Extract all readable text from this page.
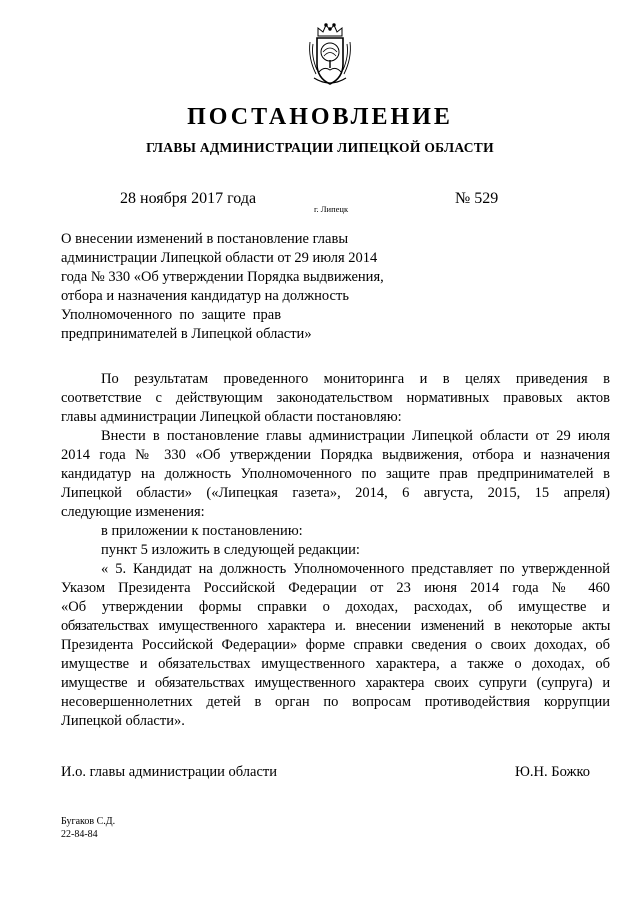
ПОСТАНОВЛЕНИЕ
ГЛАВЫ АДМИНИСТРАЦИИ ЛИПЕЦКОЙ ОБЛАСТИ
28 ноября 2017 года
г. Липецк
№ 529
О внесении изменений в постановление главы
администрации Липецкой области от 29 июля 2014
года № 330 «Об утверждении Порядка выдвижения,
отбора и назначения кандидатур на должность
Уполномоченного  по  защите  прав
предпринимателей в Липецкой области»
По результатам проведенного мониторинга и в целях приведения в
соответствие с действующим законодательством нормативных правовых актов
главы администрации Липецкой области постановляю:
Внести в постановление главы администрации Липецкой области от 29 июля
2014 года № 330 «Об утверждении Порядка выдвижения, отбора и назначения
кандидатур на должность Уполномоченного по защите прав предпринимателей в
Липецкой области» («Липецкая газета», 2014, 6 августа, 2015, 15 апреля)
следующие изменения:
в приложении к постановлению:
пункт 5 изложить в следующей редакции:
« 5. Кандидат на должность Уполномоченного представляет по утвержденной
Указом Президента Российской Федерации от 23 июня 2014 года № 460
«Об утверждении формы справки о доходах, расходах, об имуществе и
обязательствах имущественного характера и. внесении изменений в некоторые акты
Президента Российской Федерации» форме справки сведения о своих доходах, об
имуществе и обязательствах имущественного характера, а также о доходах, об
имуществе и обязательствах имущественного характера своих супруги (супруга) и
несовершеннолетних детей в орган по вопросам противодействия коррупции
Липецкой области».
И.о. главы администрации области	Ю.Н. Божко
Бугаков С.Д.
22-84-84
